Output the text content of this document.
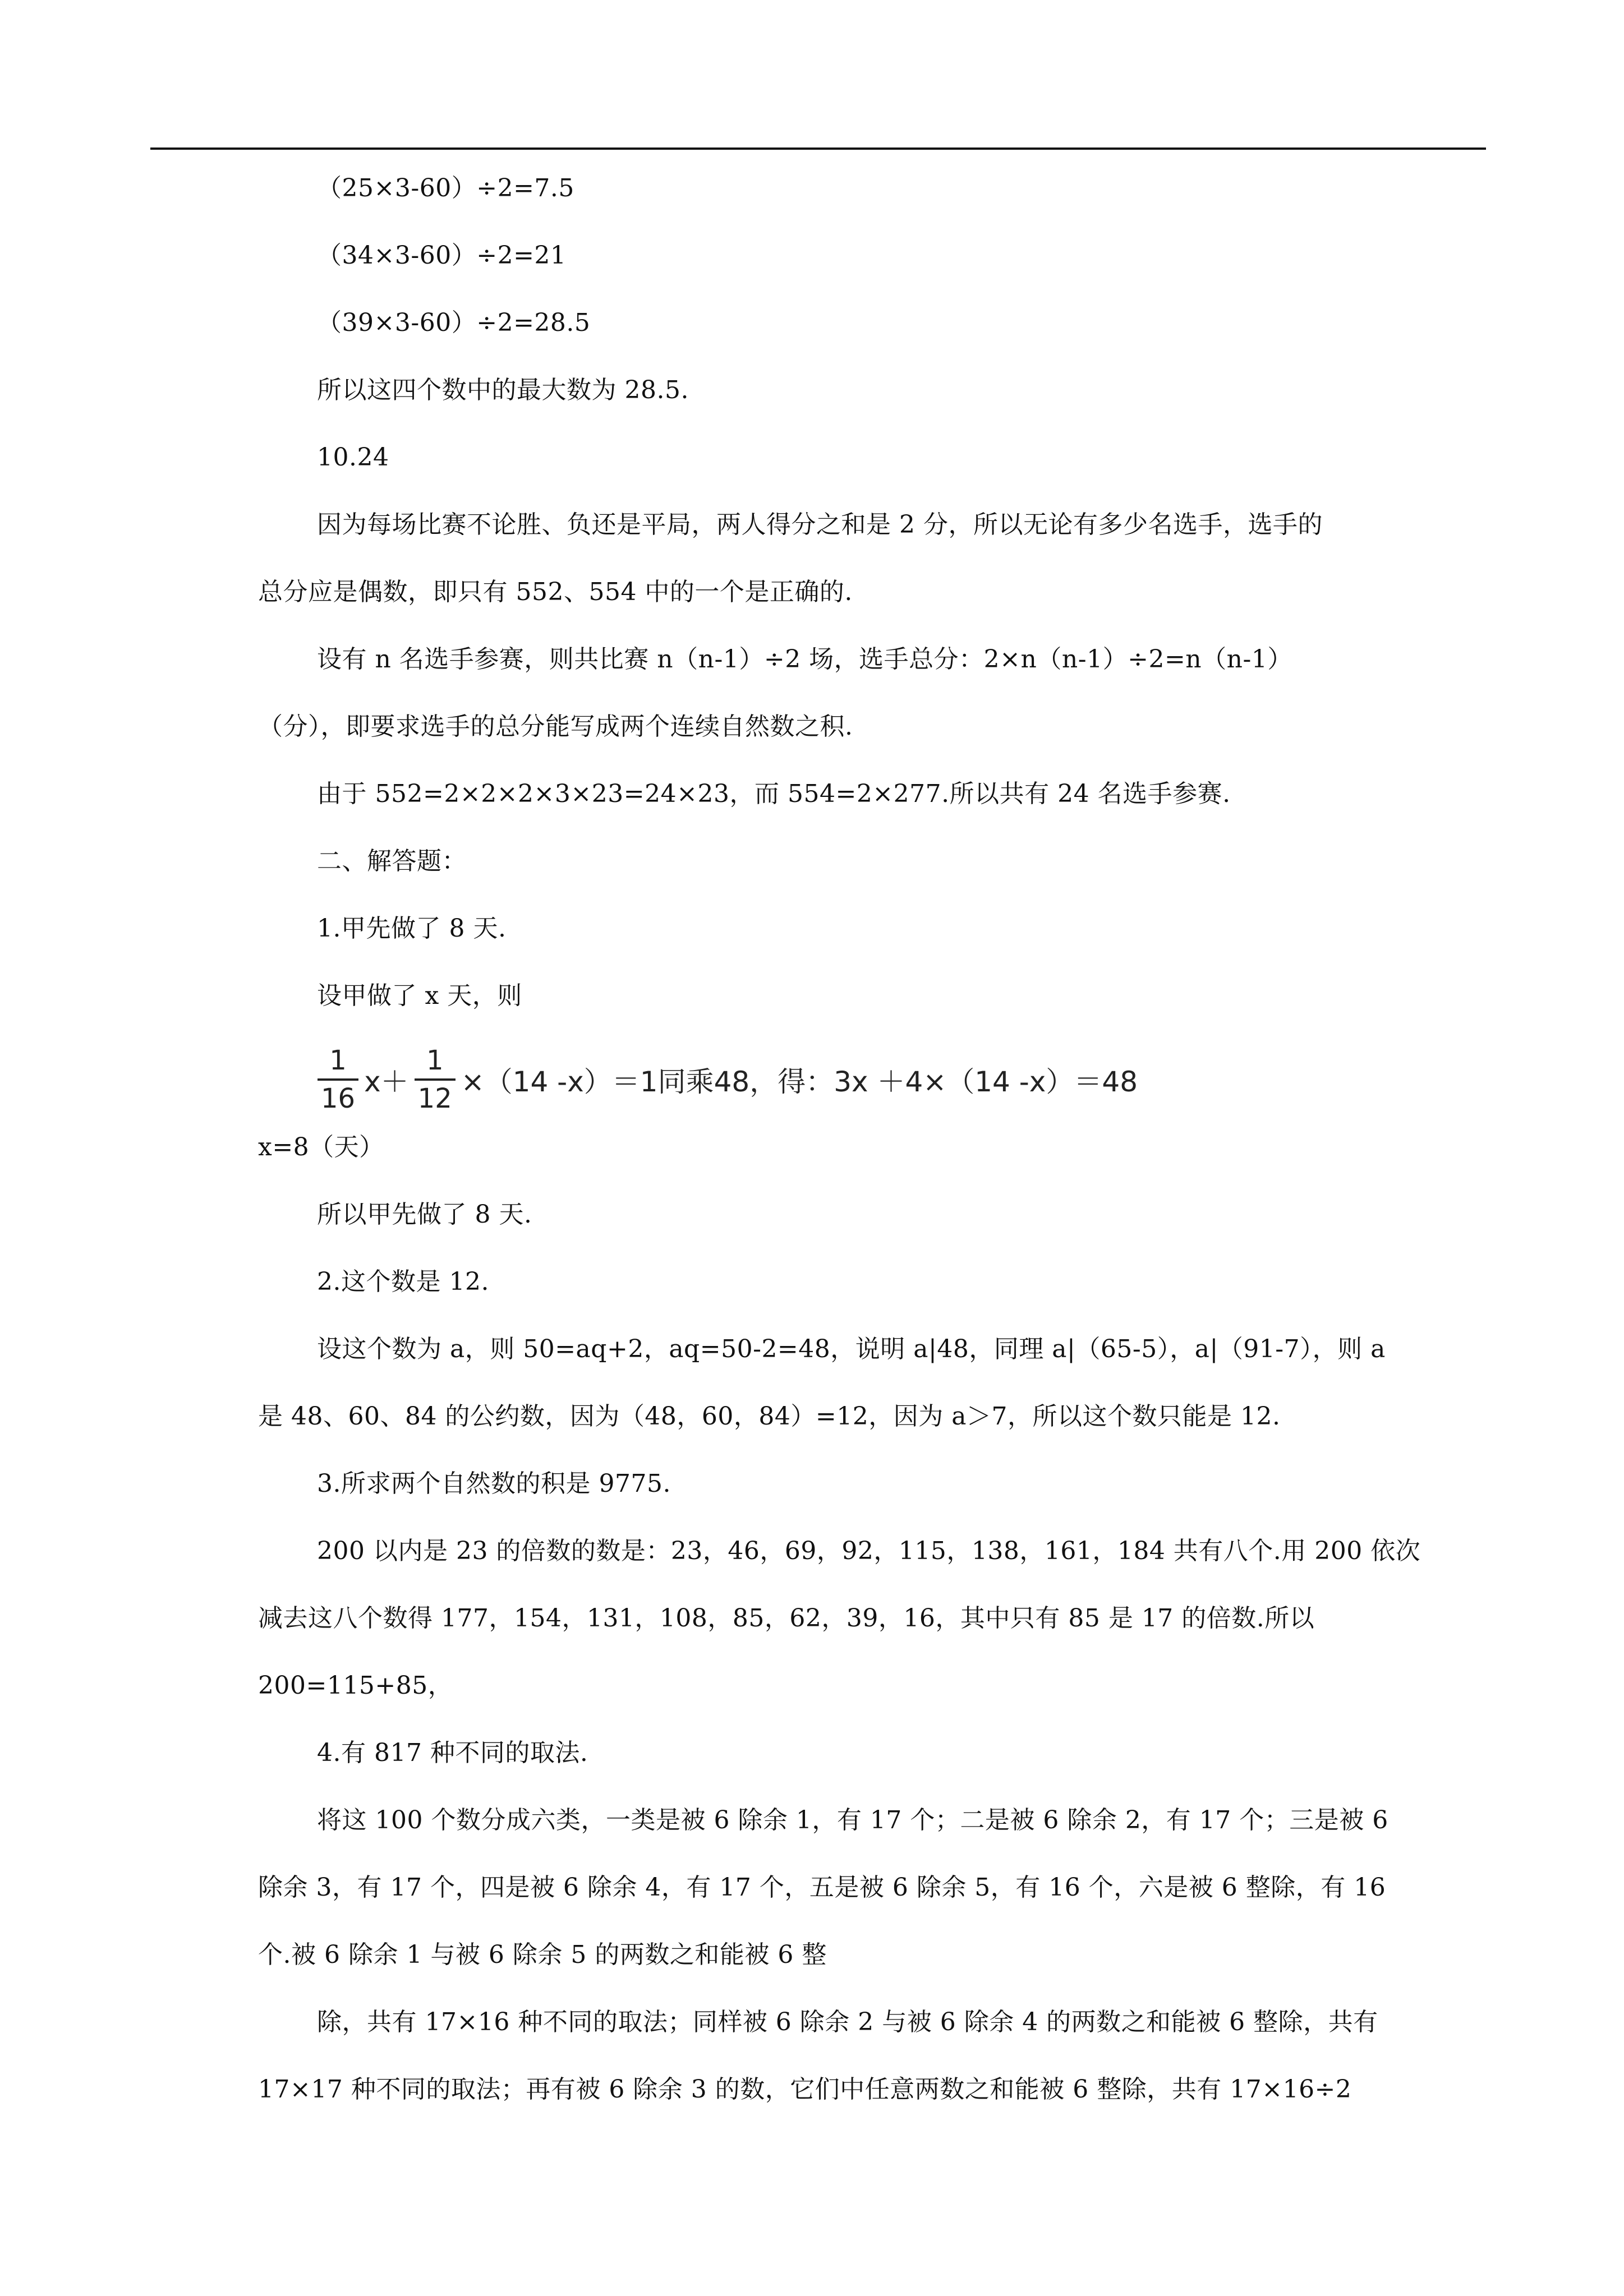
（25×3-60）÷2=7.5
（34×3-60）÷2=21
（39×3-60）÷2=28.5
所以这四个数中的最大数为 28.5.
10.24
因为每场比赛不论胜、负还是平局，两人得分之和是 2 分，所以无论有多少名选手，选手的
总分应是偶数，即只有 552、554 中的一个是正确的.
设有 n 名选手参赛，则共比赛 n（n-1）÷2 场，选手总分：2×n（n-1）÷2=n（n-1）
（分），即要求选手的总分能写成两个连续自然数之积.
由于 552=2×2×2×3×23=24×23，而 554=2×277.所以共有 24 名选手参赛.
二、解答题：
1.甲先做了 8 天.
设甲做了 x 天，则
$\frac{1}{16} x+ \frac{1}{12} \times(14$ -x）＝1同乘48，得：3x ＋4×（14 -x）＝48
x=8（天）
所以甲先做了 8 天.
2.这个数是 12.
设这个数为 a，则 50=aq+2，aq=50-2=48，说明 a|48，同理 a|（65-5），a|（91-7），则 a
是 48、60、84 的公约数，因为（48，60，84）=12，因为 a＞7，所以这个数只能是 12.
3.所求两个自然数的积是 9775.
200 以内是 23 的倍数的数是：23，46，69，92，115，138，161，184 共有八个.用 200 依次
减去这八个数得 177，154，131，108，85，62，39，16，其中只有 85 是 17 的倍数.所以
200=115+85，
4.有 817 种不同的取法.
将这 100 个数分成六类，一类是被 6 除余 1，有 17 个；二是被 6 除余 2，有 17 个；三是被 6
除余 3，有 17 个，四是被 6 除余 4，有 17 个，五是被 6 除余 5，有 16 个，六是被 6 整除，有 16
个.被 6 除余 1 与被 6 除余 5 的两数之和能被 6 整
除，共有 17×16 种不同的取法；同样被 6 除余 2 与被 6 除余 4 的两数之和能被 6 整除，共有
17×17 种不同的取法；再有被 6 除余 3 的数，它们中任意两数之和能被 6 整除，共有 17×16÷2
